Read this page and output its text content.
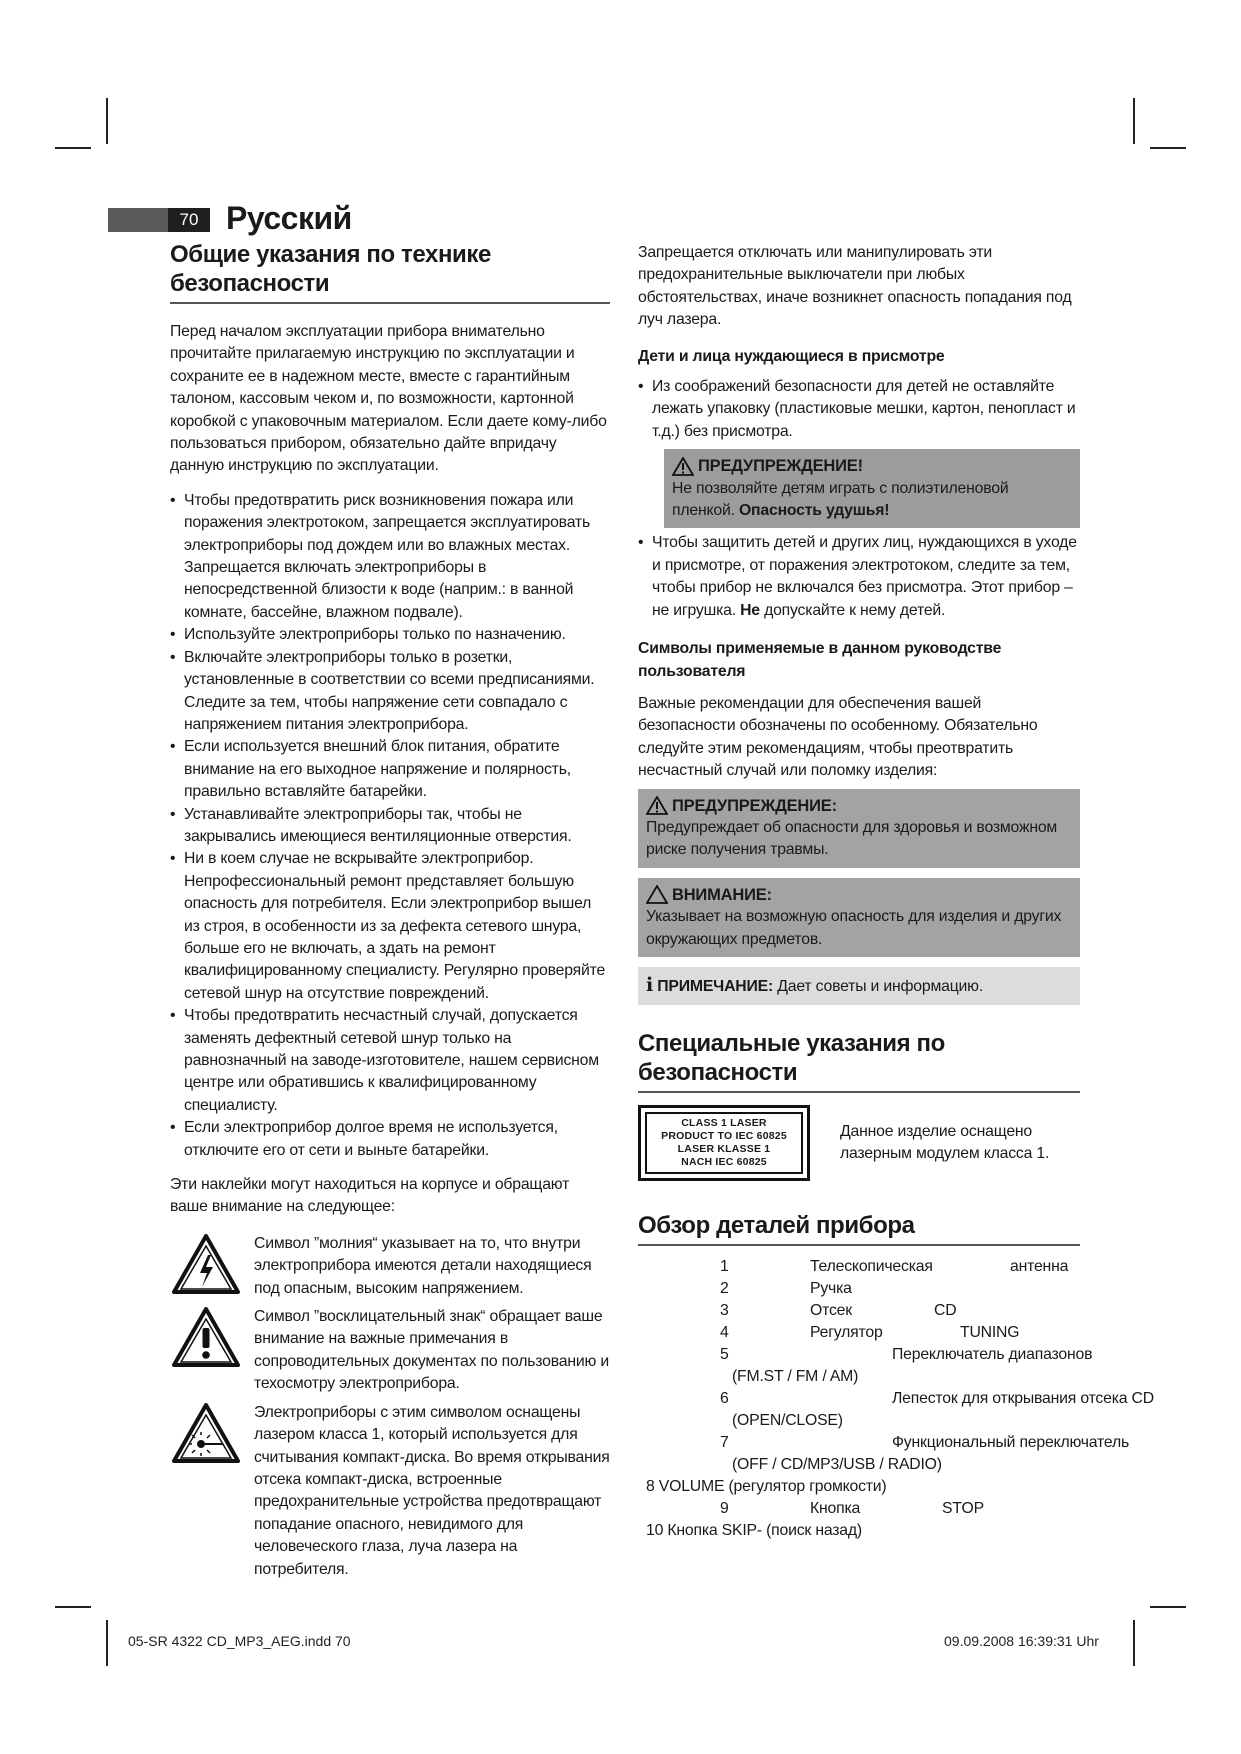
70 Русский
Общие указания по технике безопасности

Перед началом эксплуатации прибора внимательно прочитайте прилагаемую инструкцию по эксплуатации и сохраните ее в надежном месте, вместе с гарантийным талоном, кассовым чеком и, по возможности, картонной коробкой с упаковочным материалом. Если даете кому-либо пользоваться прибором, обязательно дайте впридачу данную инструкцию по эксплуатации.

• Чтобы предотвратить риск возникновения пожара или поражения электротоком, запрещается эксплуатировать электроприборы под дождем или во влажных местах. Запрещается включать электроприборы в непосредственной близости к воде (наприм.: в ванной комнате, бассейне, влажном подвале).
• Используйте электроприборы только по назначению.
• Включайте электроприборы только в розетки, установленные в соответствии со всеми предписаниями. Следите за тем, чтобы напряжение сети совпадало с напряжением питания электроприбора.
• Если используется внешний блок питания, обратите внимание на его выходное напряжение и полярность, правильно вставляйте батарейки.
• Устанавливайте электроприборы так, чтобы не закрывались имеющиеся вентиляционные отверстия.
• Ни в коем случае не вскрывайте электроприбор. Непрофессиональный ремонт представляет большую опасность для потребителя. Если электроприбор вышел из строя, в особенности из за дефекта сетевого шнура, больше его не включать, а здать на ремонт квалифицированному специалисту. Регулярно проверяйте сетевой шнур на отсутствие повреждений.
• Чтобы предотвратить несчастный случай, допускается заменять дефектный сетевой шнур только на равнозначный на заводе-изготовителе, нашем сервисном центре или обратившись к квалифицированному специалисту.
• Если электроприбор долгое время не используется, отключите его от сети и выньте батарейки.

Эти наклейки могут находиться на корпусе и обращают ваше внимание на следующее:

Символ ”молния“ указывает на то, что внутри электроприбора имеются детали находящиеся под опасным, высоким напряжением.

Символ ”восклицательный знак“ обращает ваше внимание на важные примечания в сопроводительных документах по пользованию и техосмотру электроприбора.

Электроприборы с этим символом оснащены лазером класса 1, который используется для считывания компакт-диска. Во время открывания отсека компакт-диска, встроенные предохранительные устройства предотвращают попадание опасного, невидимого для человеческого глаза, луча лазера на потребителя.

Запрещается отключать или манипулировать эти предохранительные выключатели при любых обстоятельствах, иначе возникнет опасность попадания под луч лазера.

Дети и лица нуждающиеся в присмотре

• Из соображений безопасности для детей не оставляйте лежать упаковку (пластиковые мешки, картон, пенопласт и т.д.) без присмотра.
ПРЕДУПРЕЖДЕНИЕ!
Не позволяйте детям играть с полиэтиленовой пленкой. Опасность удушья!
• Чтобы защитить детей и других лиц, нуждающихся в уходе и присмотре, от поражения электротоком, следите за тем, чтобы прибор не включался без присмотра. Этот прибор – не игрушка. Не допускайте к нему детей.

Символы применяемые в данном руководстве пользователя

Важные рекомендации для обеспечения вашей безопасности обозначены по особенному. Обязательно следуйте этим рекомендациям, чтобы преотвратить несчастный случай или поломку изделия:

ПРЕДУПРЕЖДЕНИЕ:
Предупреждает об опасности для здоровья и возможном риске получения травмы.
ВНИМАНИЕ:
Указывает на возможную опасность для изделия и других окружающих предметов.
i ПРИМЕЧАНИЕ: Дает советы и информацию.
Специальные указания по безопасности
CLASS 1 LASER
PRODUCT TO IEC 60825
LASER KLASSE 1
NACH IEC 60825

Данное изделие оснащено лазерным модулем класса 1.

Обзор деталей прибора
1	Телескопическая	антенна
2	Ручка
3	Отсек	CD
4	Регулятор	TUNING
5	Переключатель диапазонов
(FM.ST / FM / AM)
6	Лепесток для открывания отсека CD
(OPEN/CLOSE)
7	Функциональный переключатель
(OFF / CD/MP3/USB / RADIO)
8 VOLUME (регулятор громкости)
9	Кнопка	STOP
10 Кнопка SKIP- (поиск назад)
05-SR 4322 CD_MP3_AEG.indd 70	09.09.2008 16:39:31 Uhr
